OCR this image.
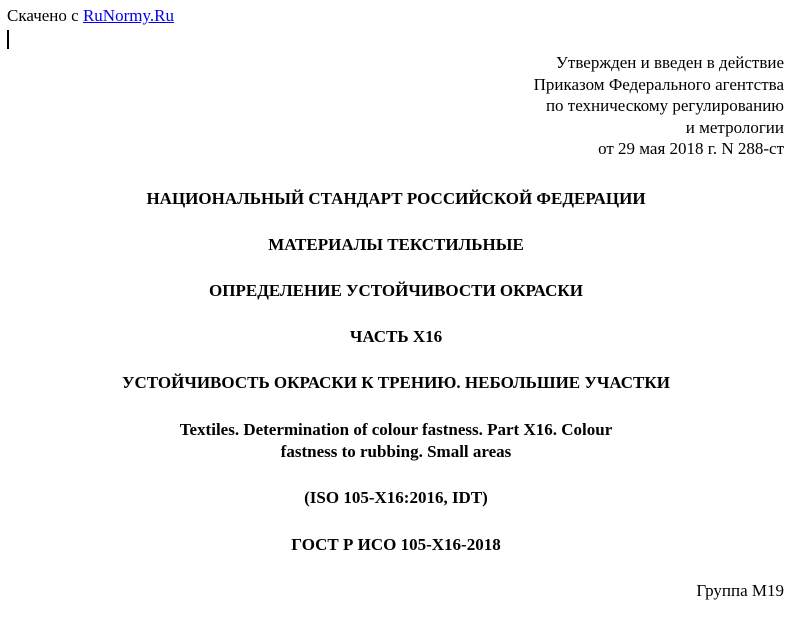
Скачено с RuNormy.Ru
Утвержден и введен в действие
Приказом Федерального агентства
по техническому регулированию
и метрологии
от 29 мая 2018 г. N 288-ст
НАЦИОНАЛЬНЫЙ СТАНДАРТ РОССИЙСКОЙ ФЕДЕРАЦИИ
МАТЕРИАЛЫ ТЕКСТИЛЬНЫЕ
ОПРЕДЕЛЕНИЕ УСТОЙЧИВОСТИ ОКРАСКИ
ЧАСТЬ X16
УСТОЙЧИВОСТЬ ОКРАСКИ К ТРЕНИЮ. НЕБОЛЬШИЕ УЧАСТКИ
Textiles. Determination of colour fastness. Part X16. Colour
fastness to rubbing. Small areas
(ISO 105-X16:2016, IDT)
ГОСТ Р ИСО 105-X16-2018
Группа М19
